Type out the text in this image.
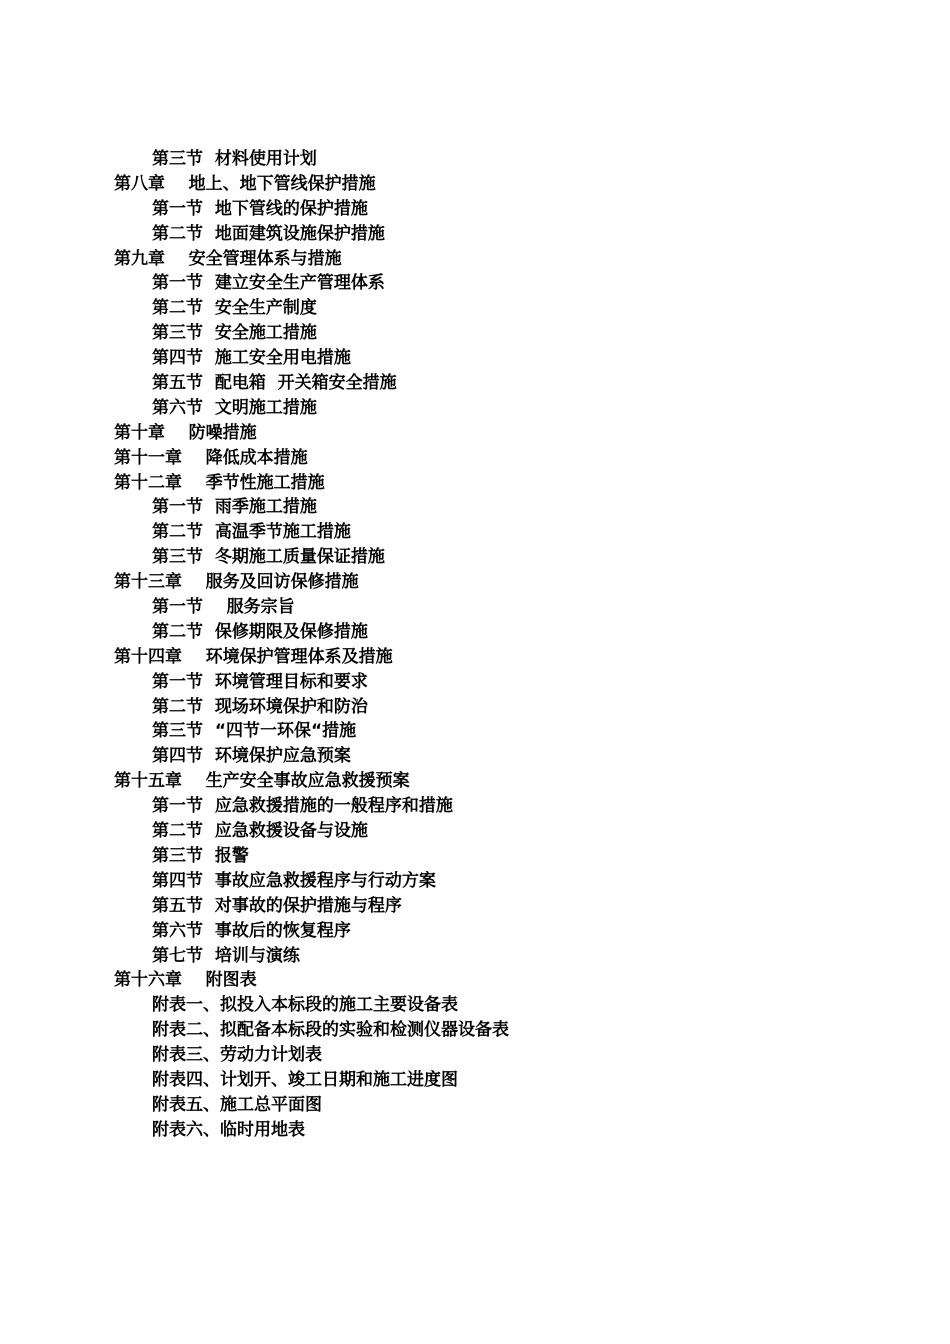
第三节  材料使用计划
第八章    地上、地下管线保护措施
第一节  地下管线的保护措施
第二节  地面建筑设施保护措施
第九章    安全管理体系与措施
第一节  建立安全生产管理体系
第二节  安全生产制度
第三节  安全施工措施
第四节  施工安全用电措施
第五节  配电箱  开关箱安全措施
第六节  文明施工措施
第十章    防噪措施
第十一章    降低成本措施
第十二章    季节性施工措施
第一节  雨季施工措施
第二节  高温季节施工措施
第三节  冬期施工质量保证措施
第十三章    服务及回访保修措施
第一节    服务宗旨
第二节  保修期限及保修措施
第十四章    环境保护管理体系及措施
第一节  环境管理目标和要求
第二节  现场环境保护和防治
第三节  “四节一环保“措施
第四节  环境保护应急预案
第十五章    生产安全事故应急救援预案
第一节  应急救援措施的一般程序和措施
第二节  应急救援设备与设施
第三节  报警
第四节  事故应急救援程序与行动方案
第五节  对事故的保护措施与程序
第六节  事故后的恢复程序
第七节  培训与演练
第十六章    附图表
附表一、拟投入本标段的施工主要设备表
附表二、拟配备本标段的实验和检测仪器设备表
附表三、劳动力计划表
附表四、计划开、竣工日期和施工进度图
附表五、施工总平面图
附表六、临时用地表
